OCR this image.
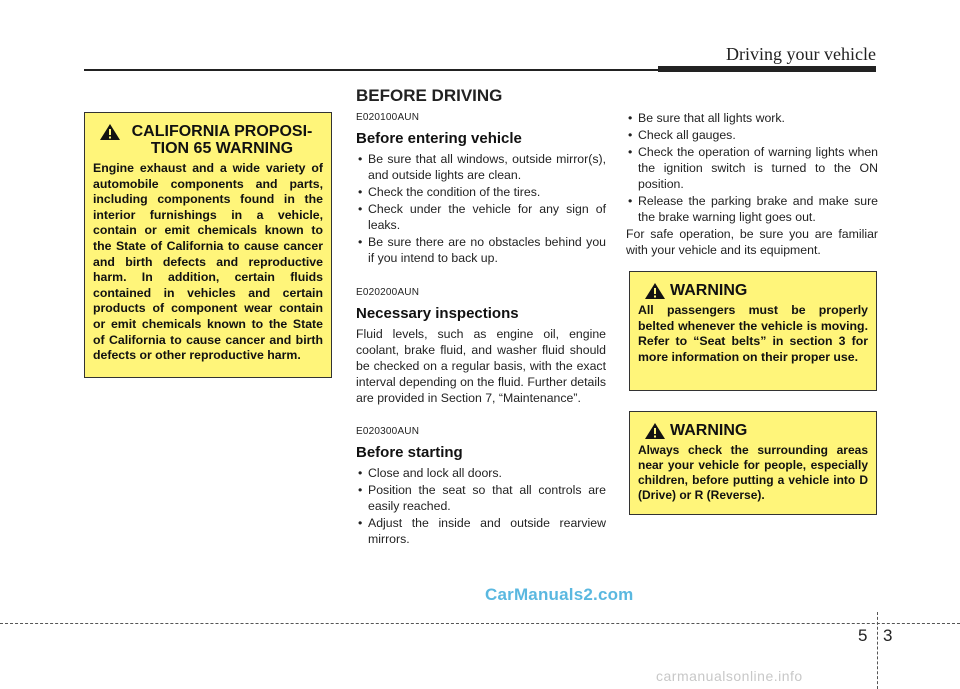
Driving your vehicle
BEFORE DRIVING
CALIFORNIA PROPOSI-TION 65 WARNING
Engine exhaust and a wide variety of automobile components and parts, including components found in the interior furnishings in a vehicle, contain or emit chemicals known to the State of California to cause cancer and birth defects and reproductive harm. In addition, certain fluids contained in vehicles and certain products of component wear contain or emit chemicals known to the State of California to cause cancer and birth defects or other reproductive harm.
E020100AUN
Before entering vehicle
• Be sure that all windows, outside mirror(s), and outside lights are clean.
• Check the condition of the tires.
• Check under the vehicle for any sign of leaks.
• Be sure there are no obstacles behind you if you intend to back up.
E020200AUN
Necessary inspections

Fluid levels, such as engine oil, engine coolant, brake fluid, and washer fluid should be checked on a regular basis, with the exact interval depending on the fluid. Further details are provided in Section 7, “Maintenance”.

E020300AUN
Before starting
• Close and lock all doors.
• Position the seat so that all controls are easily reached.
• Adjust the inside and outside rearview mirrors.
• Be sure that all lights work.
• Check all gauges.
• Check the operation of warning lights when the ignition switch is turned to the ON position.
• Release the parking brake and make sure the brake warning light goes out.

For safe operation, be sure you are familiar with your vehicle and its equipment.

WARNING
All passengers must be properly belted whenever the vehicle is moving. Refer to “Seat belts” in section 3 for more information on their proper use.
WARNING
Always check the surrounding areas near your vehicle for people, especially children, before putting a vehicle into D (Drive) or R (Reverse).
CarManuals2.com
5 3
carmanualsonline.info
